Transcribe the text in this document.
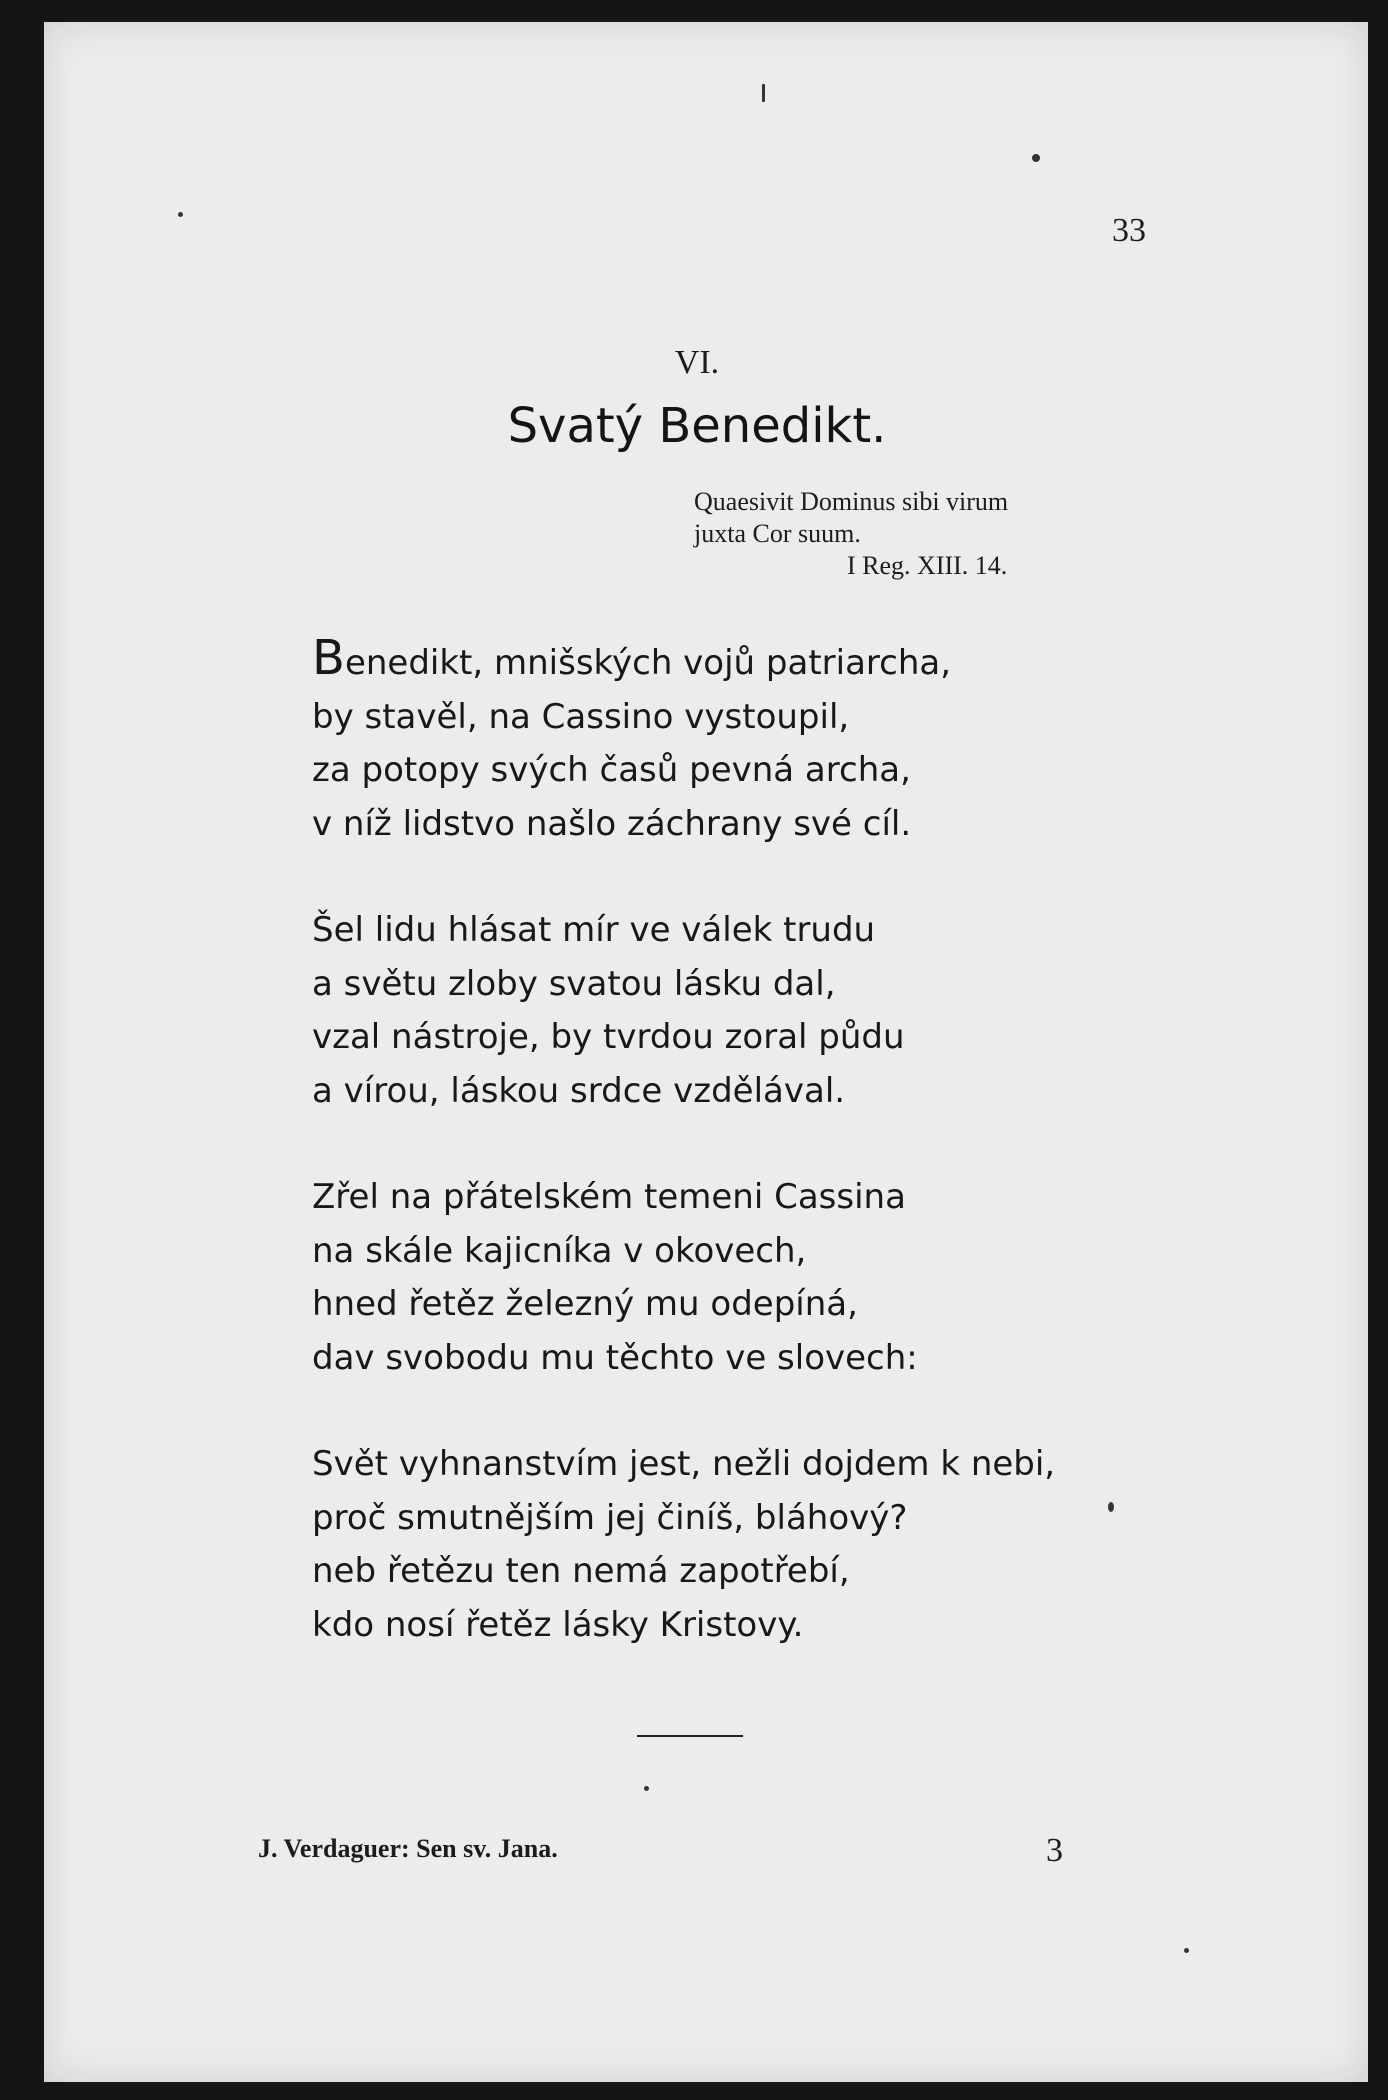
33
VI.
Svatý Benedikt.
Quaesivit Dominus sibi virum
juxta Cor suum.
I Reg. XIII. 14.
Benedikt, mnišských vojů patriarcha,
by stavěl, na Cassino vystoupil,
za potopy svých časů pevná archa,
v níž lidstvo našlo záchrany své cíl.
Šel lidu hlásat mír ve válek trudu
a světu zloby svatou lásku dal,
vzal nástroje, by tvrdou zoral půdu
a vírou, láskou srdce vzdělával.
Zřel na přátelském temeni Cassina
na skále kajicníka v okovech,
hned řetěz železný mu odepíná,
dav svobodu mu těchto ve slovech:
Svět vyhnanstvím jest, nežli dojdem k nebi,
proč smutnějším jej činíš, bláhový?
neb řetězu ten nemá zapotřebí,
kdo nosí řetěz lásky Kristovy.
J. Verdaguer: Sen sv. Jana.	3
